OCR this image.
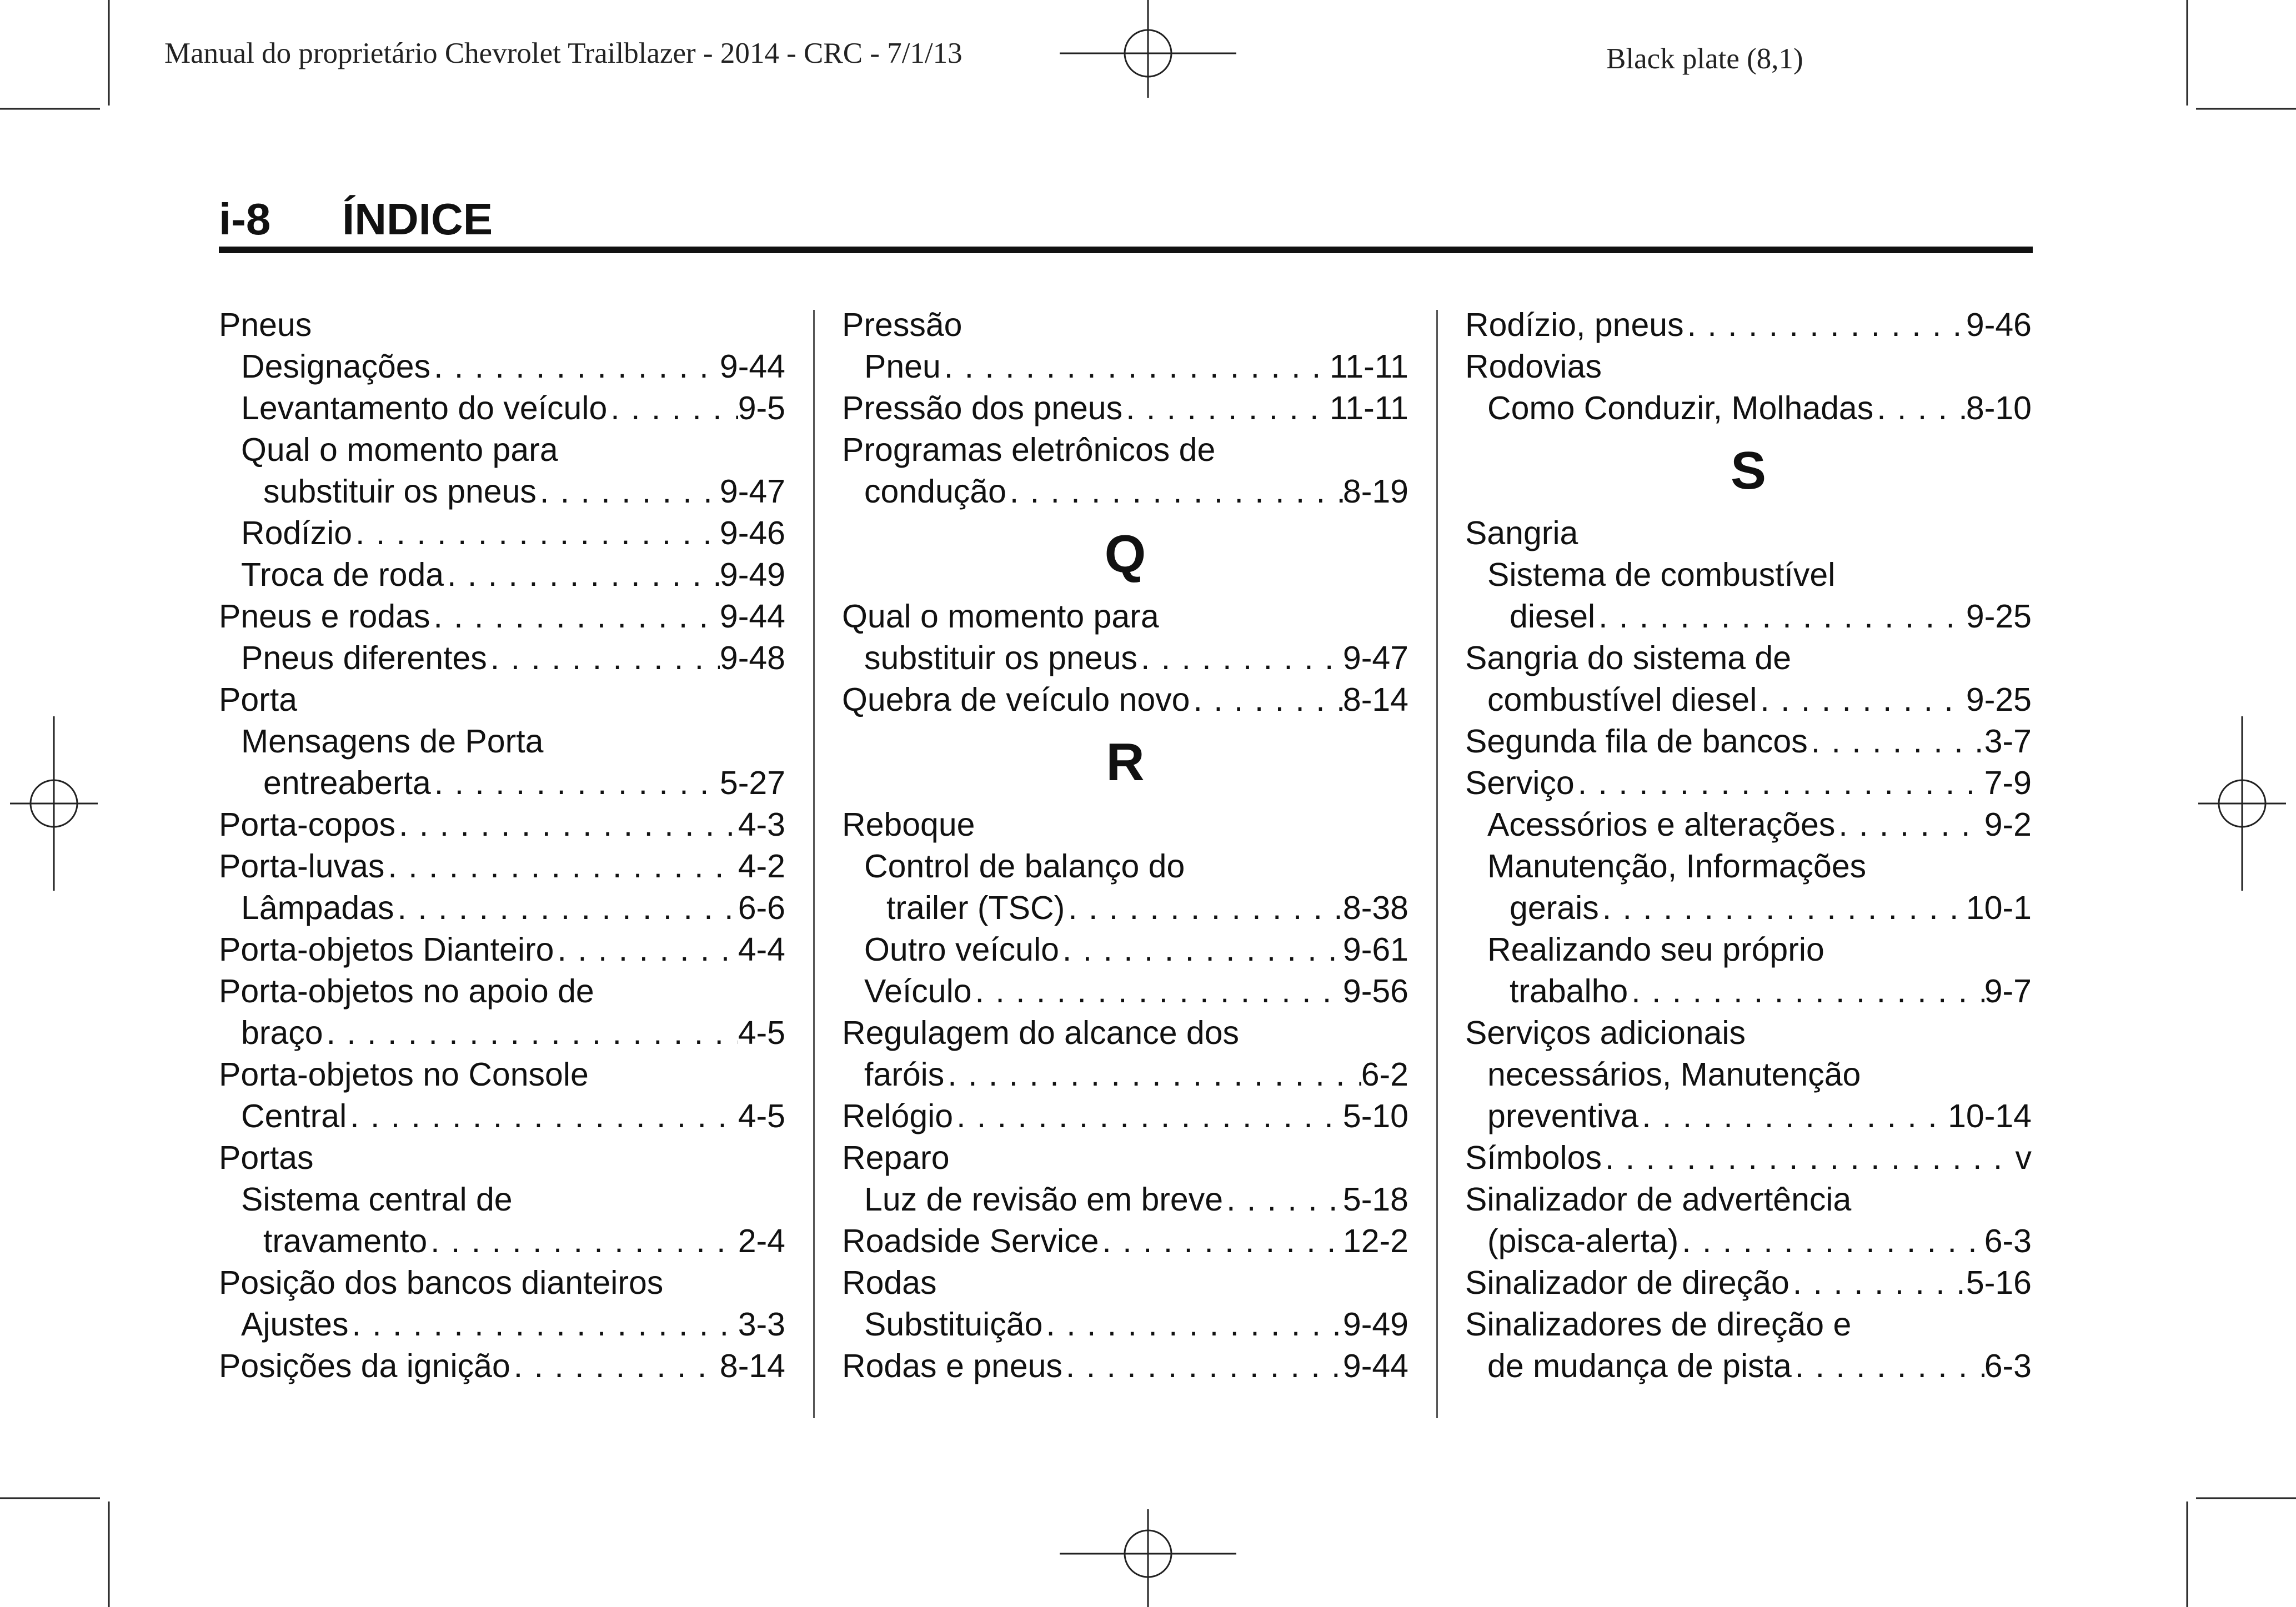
Manual do proprietário Chevrolet Trailblazer - 2014 - CRC - 7/1/13	Black plate (8,1)
i-8 ÍNDICE
Pneus
Designações . . .	9-44
Levantamento do veículo . . .	9-5
Qual o momento para
substituir os pneus . . .	9-47
Rodízio . . .	9-46
Troca de roda . . .	9-49
Pneus e rodas . . .	9-44
Pneus diferentes . . .	9-48
Porta
Mensagens de Porta
entreaberta . . .	5-27
Porta-copos . . .	4-3
Porta-luvas . . .	4-2
Lâmpadas . . .	6-6
Porta-objetos Dianteiro . . .	4-4
Porta-objetos no apoio de
braço . . .	4-5
Porta-objetos no Console
Central . . .	4-5
Portas
Sistema central de
travamento . . .	2-4
Posição dos bancos dianteiros
Ajustes . . .	3-3
Posições da ignição . . .	8-14
Pressão
Pneu . . .	11-11
Pressão dos pneus . . .	11-11
Programas eletrônicos de
condução . . .	8-19
Q
Qual o momento para
substituir os pneus . . .	9-47
Quebra de veículo novo . . .	8-14
R
Reboque
Control de balanço do
trailer (TSC) . . .	8-38
Outro veículo . . .	9-61
Veículo . . .	9-56
Regulagem do alcance dos
faróis . . .	6-2
Relógio . . .	5-10
Reparo
Luz de revisão em breve . . .	5-18
Roadside Service . . .	12-2
Rodas
Substituição . . .	9-49
Rodas e pneus . . .	9-44
Rodízio, pneus . . .	9-46
Rodovias
Como Conduzir, Molhadas . . .	8-10
S
Sangria
Sistema de combustível
diesel . . .	9-25
Sangria do sistema de
combustível diesel . . .	9-25
Segunda fila de bancos . . .	3-7
Serviço . . .	7-9
Acessórios e alterações . . .	9-2
Manutenção, Informações
gerais . . .	10-1
Realizando seu próprio
trabalho . . .	9-7
Serviços adicionais
necessários, Manutenção
preventiva . . .	10-14
Símbolos . . .	v
Sinalizador de advertência
(pisca-alerta) . . .	6-3
Sinalizador de direção . . .	5-16
Sinalizadores de direção e
de mudança de pista . . .	6-3
